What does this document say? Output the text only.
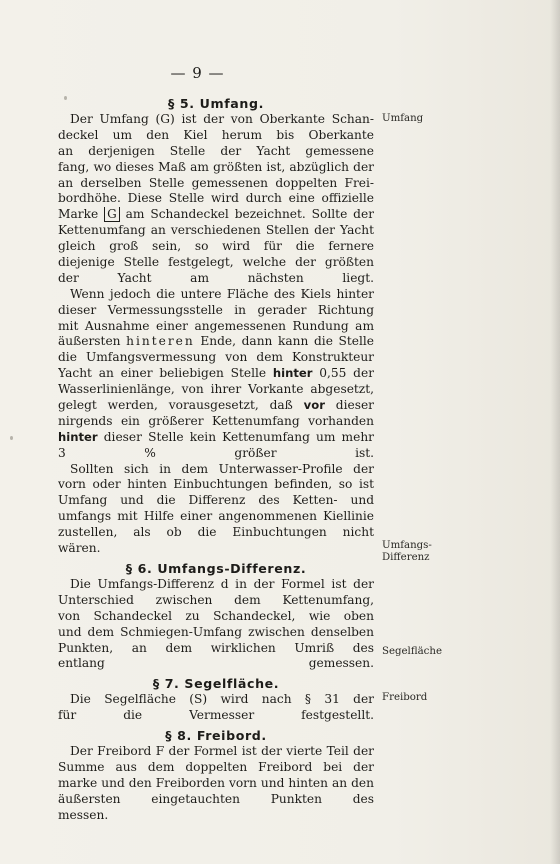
— 9 —
Umfang
Umfangs-
Differenz
Segelfläche
Freibord
§ 5. Umfang.
Der Umfang (G) ist der von Oberkante Schan-
deckel um den Kiel herum bis Oberkante
an derjenigen Stelle der Yacht gemessene
fang, wo dieses Maß am größten ist, abzüglich der
an derselben Stelle gemessenen doppelten Frei-
bordhöhe. Diese Stelle wird durch eine offizielle
Marke G am Schandeckel bezeichnet. Sollte der
Kettenumfang an verschiedenen Stellen der Yacht
gleich groß sein, so wird für die fernere
diejenige Stelle festgelegt, welche der größten
der Yacht am nächsten liegt.
Wenn jedoch die untere Fläche des Kiels hinter
dieser Vermessungsstelle in gerader Richtung
mit Ausnahme einer angemessenen Rundung am
äußersten hinteren Ende, dann kann die Stelle
die Umfangsvermessung von dem Konstrukteur
Yacht an einer beliebigen Stelle hinter 0,55 der
Wasserlinienlänge, von ihrer Vorkante abgesetzt,
gelegt werden, vorausgesetzt, daß vor dieser
nirgends ein größerer Kettenumfang vorhanden
hinter dieser Stelle kein Kettenumfang um mehr
3 % größer ist.
Sollten sich in dem Unterwasser-Profile der
vorn oder hinten Einbuchtungen befinden, so ist
Umfang und die Differenz des Ketten- und
umfangs mit Hilfe einer angenommenen Kiellinie
zustellen, als ob die Einbuchtungen nicht
wären.
§ 6. Umfangs-Differenz.
Die Umfangs-Differenz d in der Formel ist der
Unterschied zwischen dem Kettenumfang,
von Schandeckel zu Schandeckel, wie oben
und dem Schmiegen-Umfang zwischen denselben
Punkten, an dem wirklichen Umriß des
entlang gemessen.
§ 7. Segelfläche.
Die Segelfläche (S) wird nach § 31 der
für die Vermesser festgestellt.
§ 8. Freibord.
Der Freibord F der Formel ist der vierte Teil der
Summe aus dem doppelten Freibord bei der
marke und den Freiborden vorn und hinten an den
äußersten eingetauchten Punkten des
messen.
